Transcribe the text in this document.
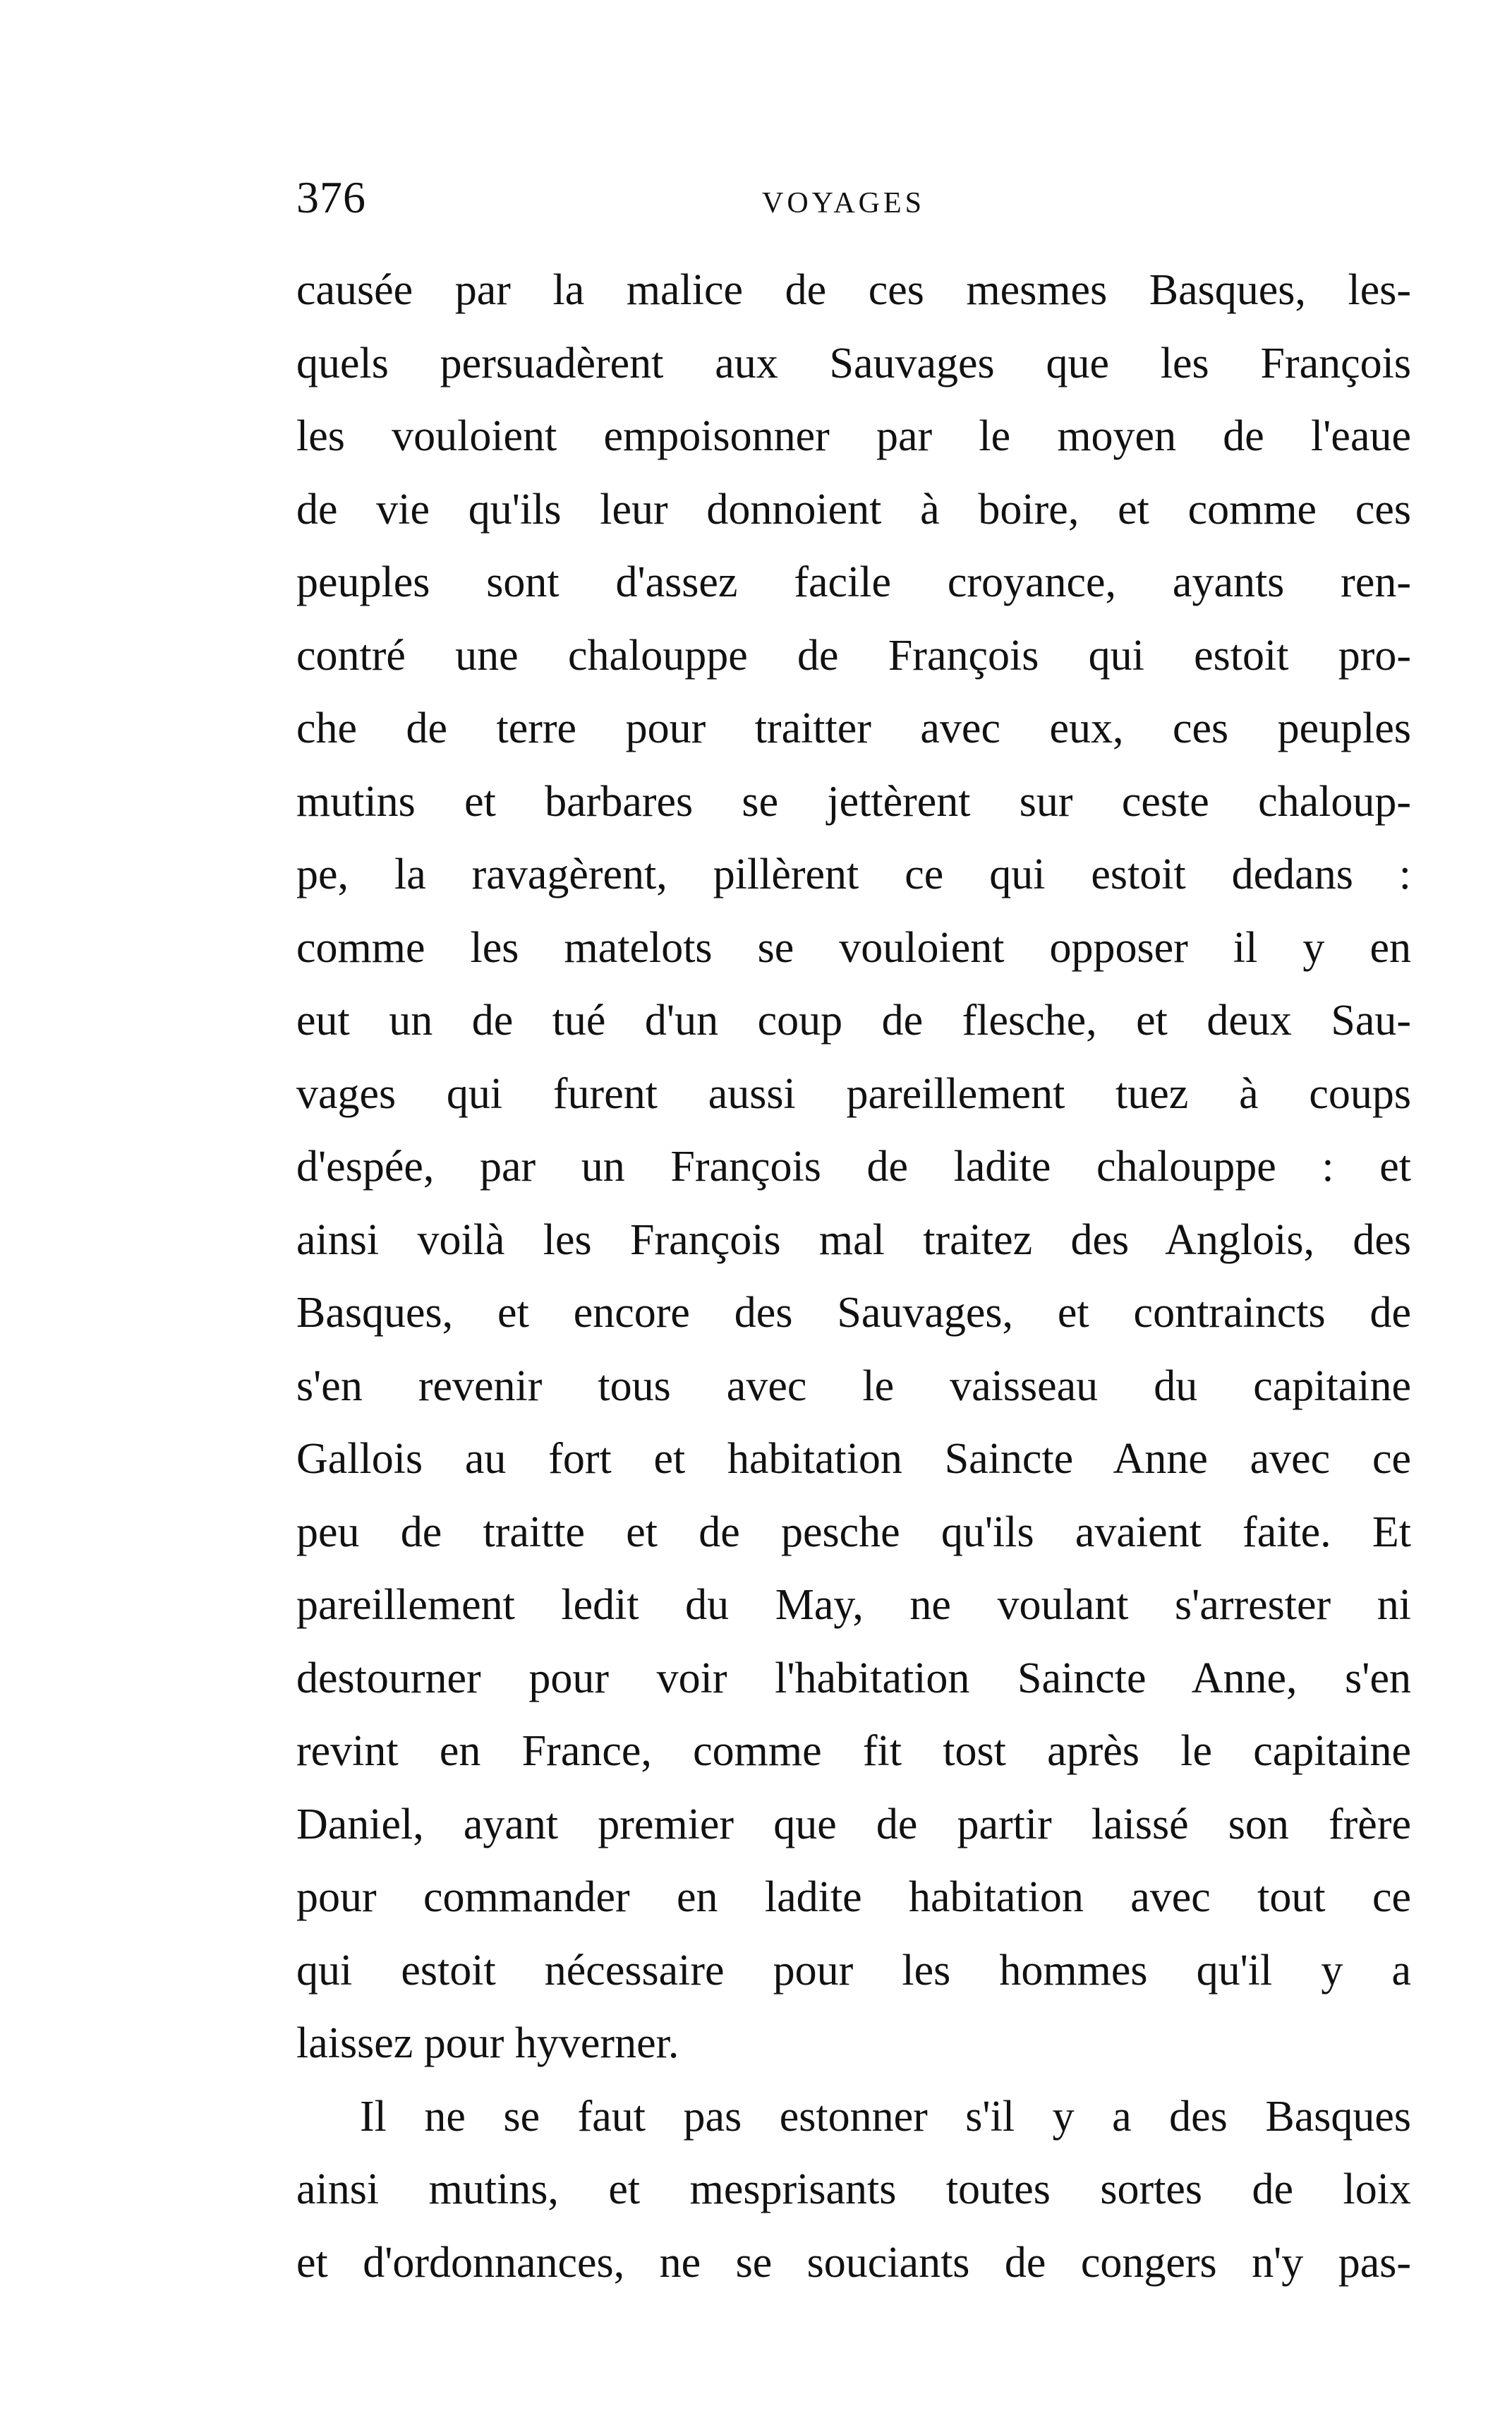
376	VOYAGES
causée par la malice de ces mesmes Basques, les-
quels persuadèrent aux Sauvages que les François
les vouloient empoisonner par le moyen de l'eaue
de vie qu'ils leur donnoient à boire, et comme ces
peuples sont d'assez facile croyance, ayants ren-
contré une chalouppe de François qui estoit pro-
che de terre pour traitter avec eux, ces peuples
mutins et barbares se jettèrent sur ceste chaloup-
pe, la ravagèrent, pillèrent ce qui estoit dedans :
comme les matelots se vouloient opposer il y en
eut un de tué d'un coup de flesche, et deux Sau-
vages qui furent aussi pareillement tuez à coups
d'espée, par un François de ladite chalouppe : et
ainsi voilà les François mal traitez des Anglois, des
Basques, et encore des Sauvages, et contraincts de
s'en revenir tous avec le vaisseau du capitaine
Gallois au fort et habitation Saincte Anne avec ce
peu de traitte et de pesche qu'ils avaient faite. Et
pareillement ledit du May, ne voulant s'arrester ni
destourner pour voir l'habitation Saincte Anne, s'en
revint en France, comme fit tost après le capitaine
Daniel, ayant premier que de partir laissé son frère
pour commander en ladite habitation avec tout ce
qui estoit nécessaire pour les hommes qu'il y a
laissez pour hyverner.
Il ne se faut pas estonner s'il y a des Basques
ainsi mutins, et mesprisants toutes sortes de loix
et d'ordonnances, ne se souciants de congers n'y pas-
